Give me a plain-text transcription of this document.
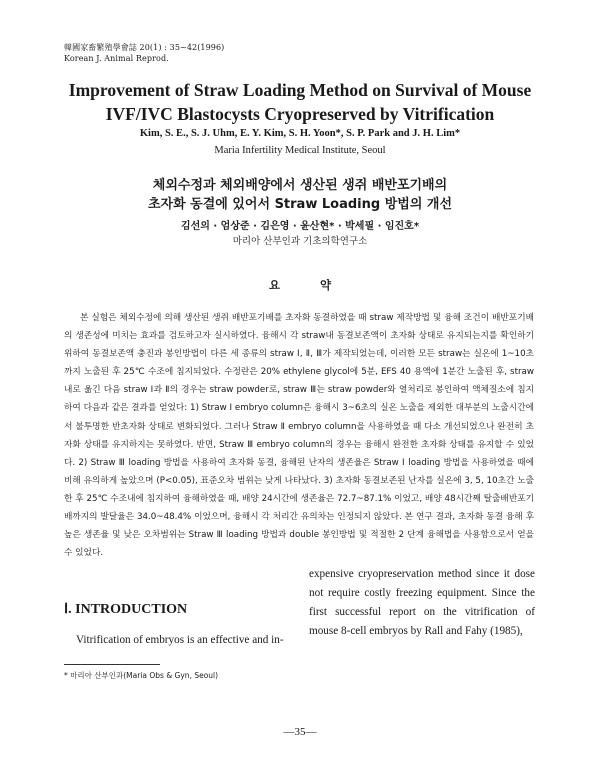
韓國家畜繁殖學會誌 20(1) : 35~42(1996)
Korean J. Animal Reprod.
Improvement of Straw Loading Method on Survival of Mouse
IVF/IVC Blastocysts Cryopreserved by Vitrification
Kim, S. E., S. J. Uhm, E. Y. Kim, S. H. Yoon*, S. P. Park and J. H. Lim*
Maria Infertility Medical Institute, Seoul
체외수정과 체외배양에서 생산된 생쥐 배반포기배의
초자화 동결에 있어서 Straw Loading 방법의 개선
김선의 · 엄상준 · 김은영 · 윤산현* · 박세필 · 임진호*
마리아 산부인과 기초의학연구소
요 약
본 실험은 체외수정에 의해 생산된 생쥐 배반포기배를 초자화 동결하였을 때 straw 제작방법 및 융해 조건이 배반포기배의 생존성에 미치는 효과를 검토하고자 실시하였다. 융해시 각 straw내 동결보존액이 초자화 상태로 유지되는지를 확인하기 위하여 동결보존액 충진과 봉인방법이 다른 세 종류의 straw Ⅰ, Ⅱ, Ⅲ가 제작되었는데, 이러한 모든 straw는 실온에 1~10초까지 노출된 후 25℃ 수조에 침지되었다. 수정란은 20% ethylene glycol에 5분, EFS 40 용액에 1분간 노출된 후, straw내로 옮긴 다음 straw Ⅰ과 Ⅱ의 경우는 straw powder로, straw Ⅲ는 straw powder와 열처리로 봉인하여 액체질소에 침지하여 다음과 같은 결과를 얻었다: 1) Straw Ⅰ embryo column은 융해시 3~6초의 실온 노출을 제외한 대부분의 노출시간에서 불투명한 반초자화 상태로 변화되었다. 그러나 Straw Ⅱ embryo column을 사용하였을 때 다소 개선되었으나 완전히 초자화 상태를 유지하지는 못하였다. 반면, Straw Ⅲ embryo column의 경우는 융해시 완전한 초자화 상태를 유지할 수 있었다. 2) Straw Ⅲ loading 방법을 사용하여 초자화 동결, 융해된 난자의 생존율은 Straw Ⅰ loading 방법을 사용하였을 때에 비해 유의하게 높았으며 (P<0.05), 표준오차 범위는 낮게 나타났다. 3) 초자화 동결보존된 난자를 실온에 3, 5, 10초간 노출한 후 25℃ 수조내에 침지하여 융해하였을 때, 배양 24시간에 생존율은 72.7~87.1% 이었고, 배양 48시간째 탈출배반포기배까지의 발달율은 34.0~48.4% 이었으며, 융해시 각 처리간 유의차는 인정되지 않았다. 본 연구 결과, 초자화 동결 융해 후 높은 생존율 및 낮은 오차범위는 Straw Ⅲ loading 방법과 double 봉인방법 및 적절한 2 단계 융해법을 사용함으로서 얻을 수 있었다.
Ⅰ. INTRODUCTION
Vitrification of embryos is an effective and in-
expensive cryopreservation method since it dose not require costly freezing equipment. Since the first successful report on the vitrification of mouse 8-cell embryos by Rall and Fahy (1985),
* 마리아 산부인과(Maria Obs & Gyn, Seoul)
—35—
